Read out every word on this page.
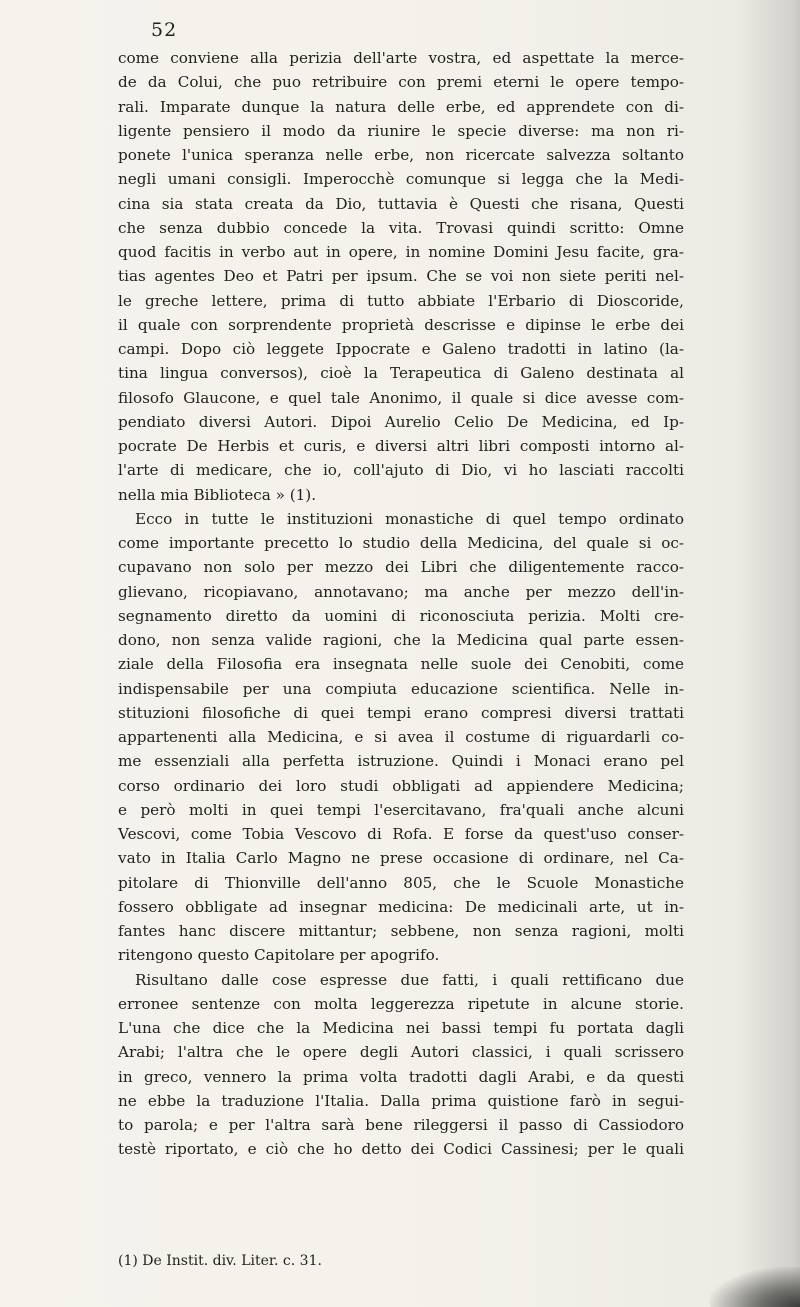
52
come conviene alla perizia dell'arte vostra, ed aspettate la merce-
de da Colui, che puo retribuire con premi eterni le opere tempo-
rali. Imparate dunque la natura delle erbe, ed apprendete con di-
ligente pensiero il modo da riunire le specie diverse: ma non ri-
ponete l'unica speranza nelle erbe, non ricercate salvezza soltanto
negli umani consigli. Imperocchè comunque si legga che la Medi-
cina sia stata creata da Dio, tuttavia è Questi che risana, Questi
che senza dubbio concede la vita. Trovasi quindi scritto: Omne
quod facitis in verbo aut in opere, in nomine Domini Jesu facite, gra-
tias agentes Deo et Patri per ipsum. Che se voi non siete periti nel-
le greche lettere, prima di tutto abbiate l'Erbario di Dioscoride,
il quale con sorprendente proprietà descrisse e dipinse le erbe dei
campi. Dopo ciò leggete Ippocrate e Galeno tradotti in latino (la-
tina lingua conversos), cioè la Terapeutica di Galeno destinata al
filosofo Glaucone, e quel tale Anonimo, il quale si dice avesse com-
pendiato diversi Autori. Dipoi Aurelio Celio De Medicina, ed Ip-
pocrate De Herbis et curis, e diversi altri libri composti intorno al-
l'arte di medicare, che io, coll'ajuto di Dio, vi ho lasciati raccolti
nella mia Biblioteca » (1).
Ecco in tutte le instituzioni monastiche di quel tempo ordinato
come importante precetto lo studio della Medicina, del quale si oc-
cupavano non solo per mezzo dei Libri che diligentemente racco-
glievano, ricopiavano, annotavano; ma anche per mezzo dell'in-
segnamento diretto da uomini di riconosciuta perizia. Molti cre-
dono, non senza valide ragioni, che la Medicina qual parte essen-
ziale della Filosofia era insegnata nelle suole dei Cenobiti, come
indispensabile per una compiuta educazione scientifica. Nelle in-
stituzioni filosofiche di quei tempi erano compresi diversi trattati
appartenenti alla Medicina, e si avea il costume di riguardarli co-
me essenziali alla perfetta istruzione. Quindi i Monaci erano pel
corso ordinario dei loro studi obbligati ad appiendere Medicina;
e però molti in quei tempi l'esercitavano, fra'quali anche alcuni
Vescovi, come Tobia Vescovo di Rofa. E forse da quest'uso conser-
vato in Italia Carlo Magno ne prese occasione di ordinare, nel Ca-
pitolare di Thionville dell'anno 805, che le Scuole Monastiche
fossero obbligate ad insegnar medicina: De medicinali arte, ut in-
fantes hanc discere mittantur; sebbene, non senza ragioni, molti
ritengono questo Capitolare per apogrifo.
Risultano dalle cose espresse due fatti, i quali rettificano due
erronee sentenze con molta leggerezza ripetute in alcune storie.
L'una che dice che la Medicina nei bassi tempi fu portata dagli
Arabi; l'altra che le opere degli Autori classici, i quali scrissero
in greco, vennero la prima volta tradotti dagli Arabi, e da questi
ne ebbe la traduzione l'Italia. Dalla prima quistione farò in segui-
to parola; e per l'altra sarà bene rileggersi il passo di Cassiodoro
testè riportato, e ciò che ho detto dei Codici Cassinesi; per le quali
(1) De Instit. div. Liter. c. 31.
